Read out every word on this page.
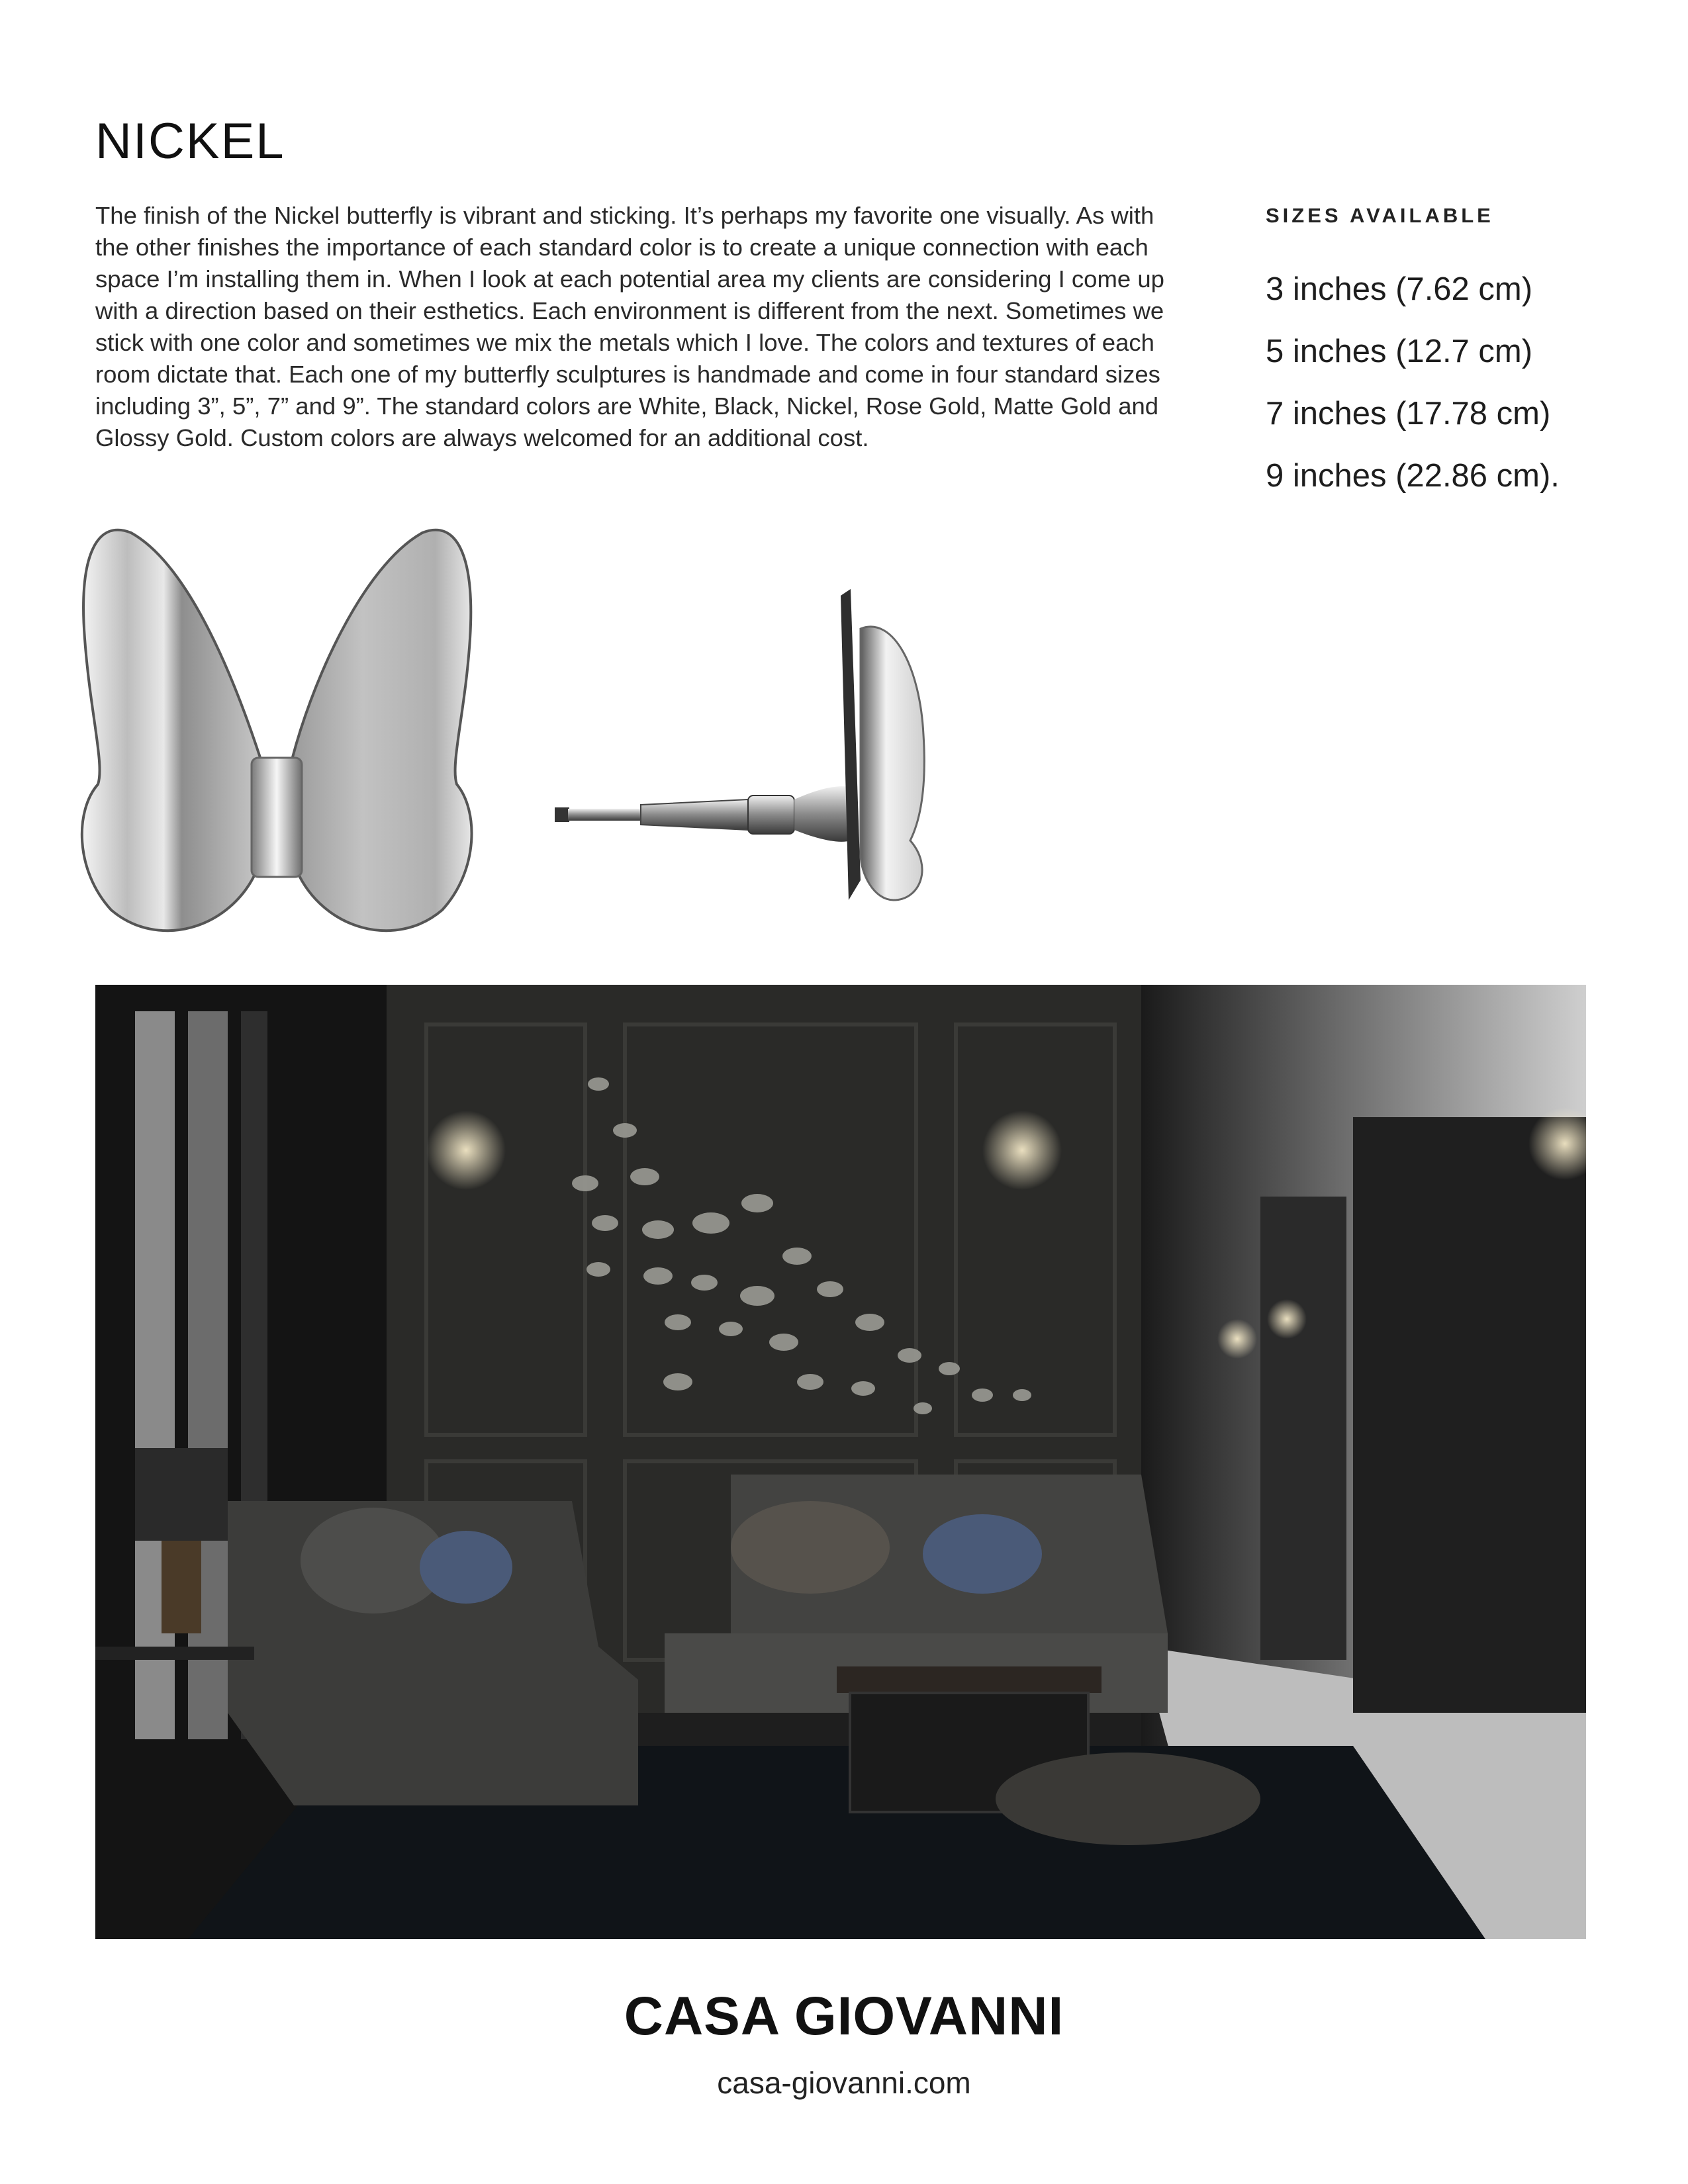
NICKEL

The finish of the Nickel butterfly is vibrant and sticking. It’s perhaps my favorite one visually. As with the other finishes the importance of each standard color is to create a unique connection with each space I’m installing them in. When I look at each potential area my clients are considering I come up with a direction based on their esthetics. Each environment is different from the next. Sometimes we stick with one color and sometimes we mix the metals which I love. The colors and textures of each room dictate that. Each one of my butterfly sculptures is handmade and come in four standard sizes including 3”, 5”, 7” and 9”. The standard colors are White, Black, Nickel, Rose Gold, Matte Gold and Glossy Gold. Custom colors are always welcomed for an additional cost.

SIZES AVAILABLE
3 inches (7.62 cm)
5 inches (12.7 cm)
7 inches (17.78 cm)
9 inches (22.86 cm).
CASA GIOVANNI
casa-giovanni.com
